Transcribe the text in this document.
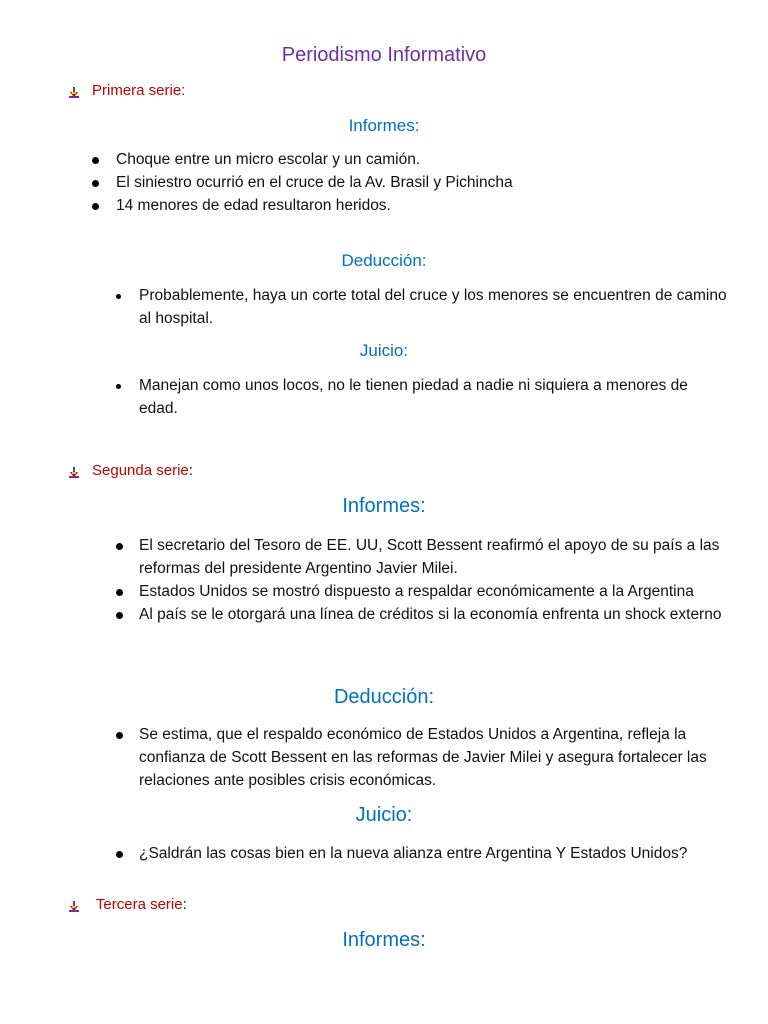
Periodismo Informativo
Primera serie:
Informes:
Choque entre un micro escolar y un camión.
El siniestro ocurrió en el cruce de la Av. Brasil y Pichincha
14 menores de edad resultaron heridos.
Deducción:
Probablemente, haya un corte total del cruce y los menores se encuentren de camino al hospital.
Juicio:
Manejan como unos locos, no le tienen piedad a nadie ni siquiera a menores de edad.
Segunda serie :
Informes:
El secretario del Tesoro de EE. UU, Scott Bessent reafirmó el apoyo de su país a las reformas del presidente Argentino Javier Milei.
Estados Unidos se mostró dispuesto a respaldar económicamente a la Argentina
Al país se le otorgará una línea de créditos si la economía enfrenta un shock externo
Deducción:
Se estima, que el respaldo económico de Estados Unidos a Argentina, refleja la confianza de Scott Bessent en las reformas de Javier Milei y asegura fortalecer las relaciones ante posibles crisis económicas.
Juicio:
¿Saldrán las cosas bien en la nueva alianza entre Argentina Y Estados Unidos?
Tercera serie :
Informes:
